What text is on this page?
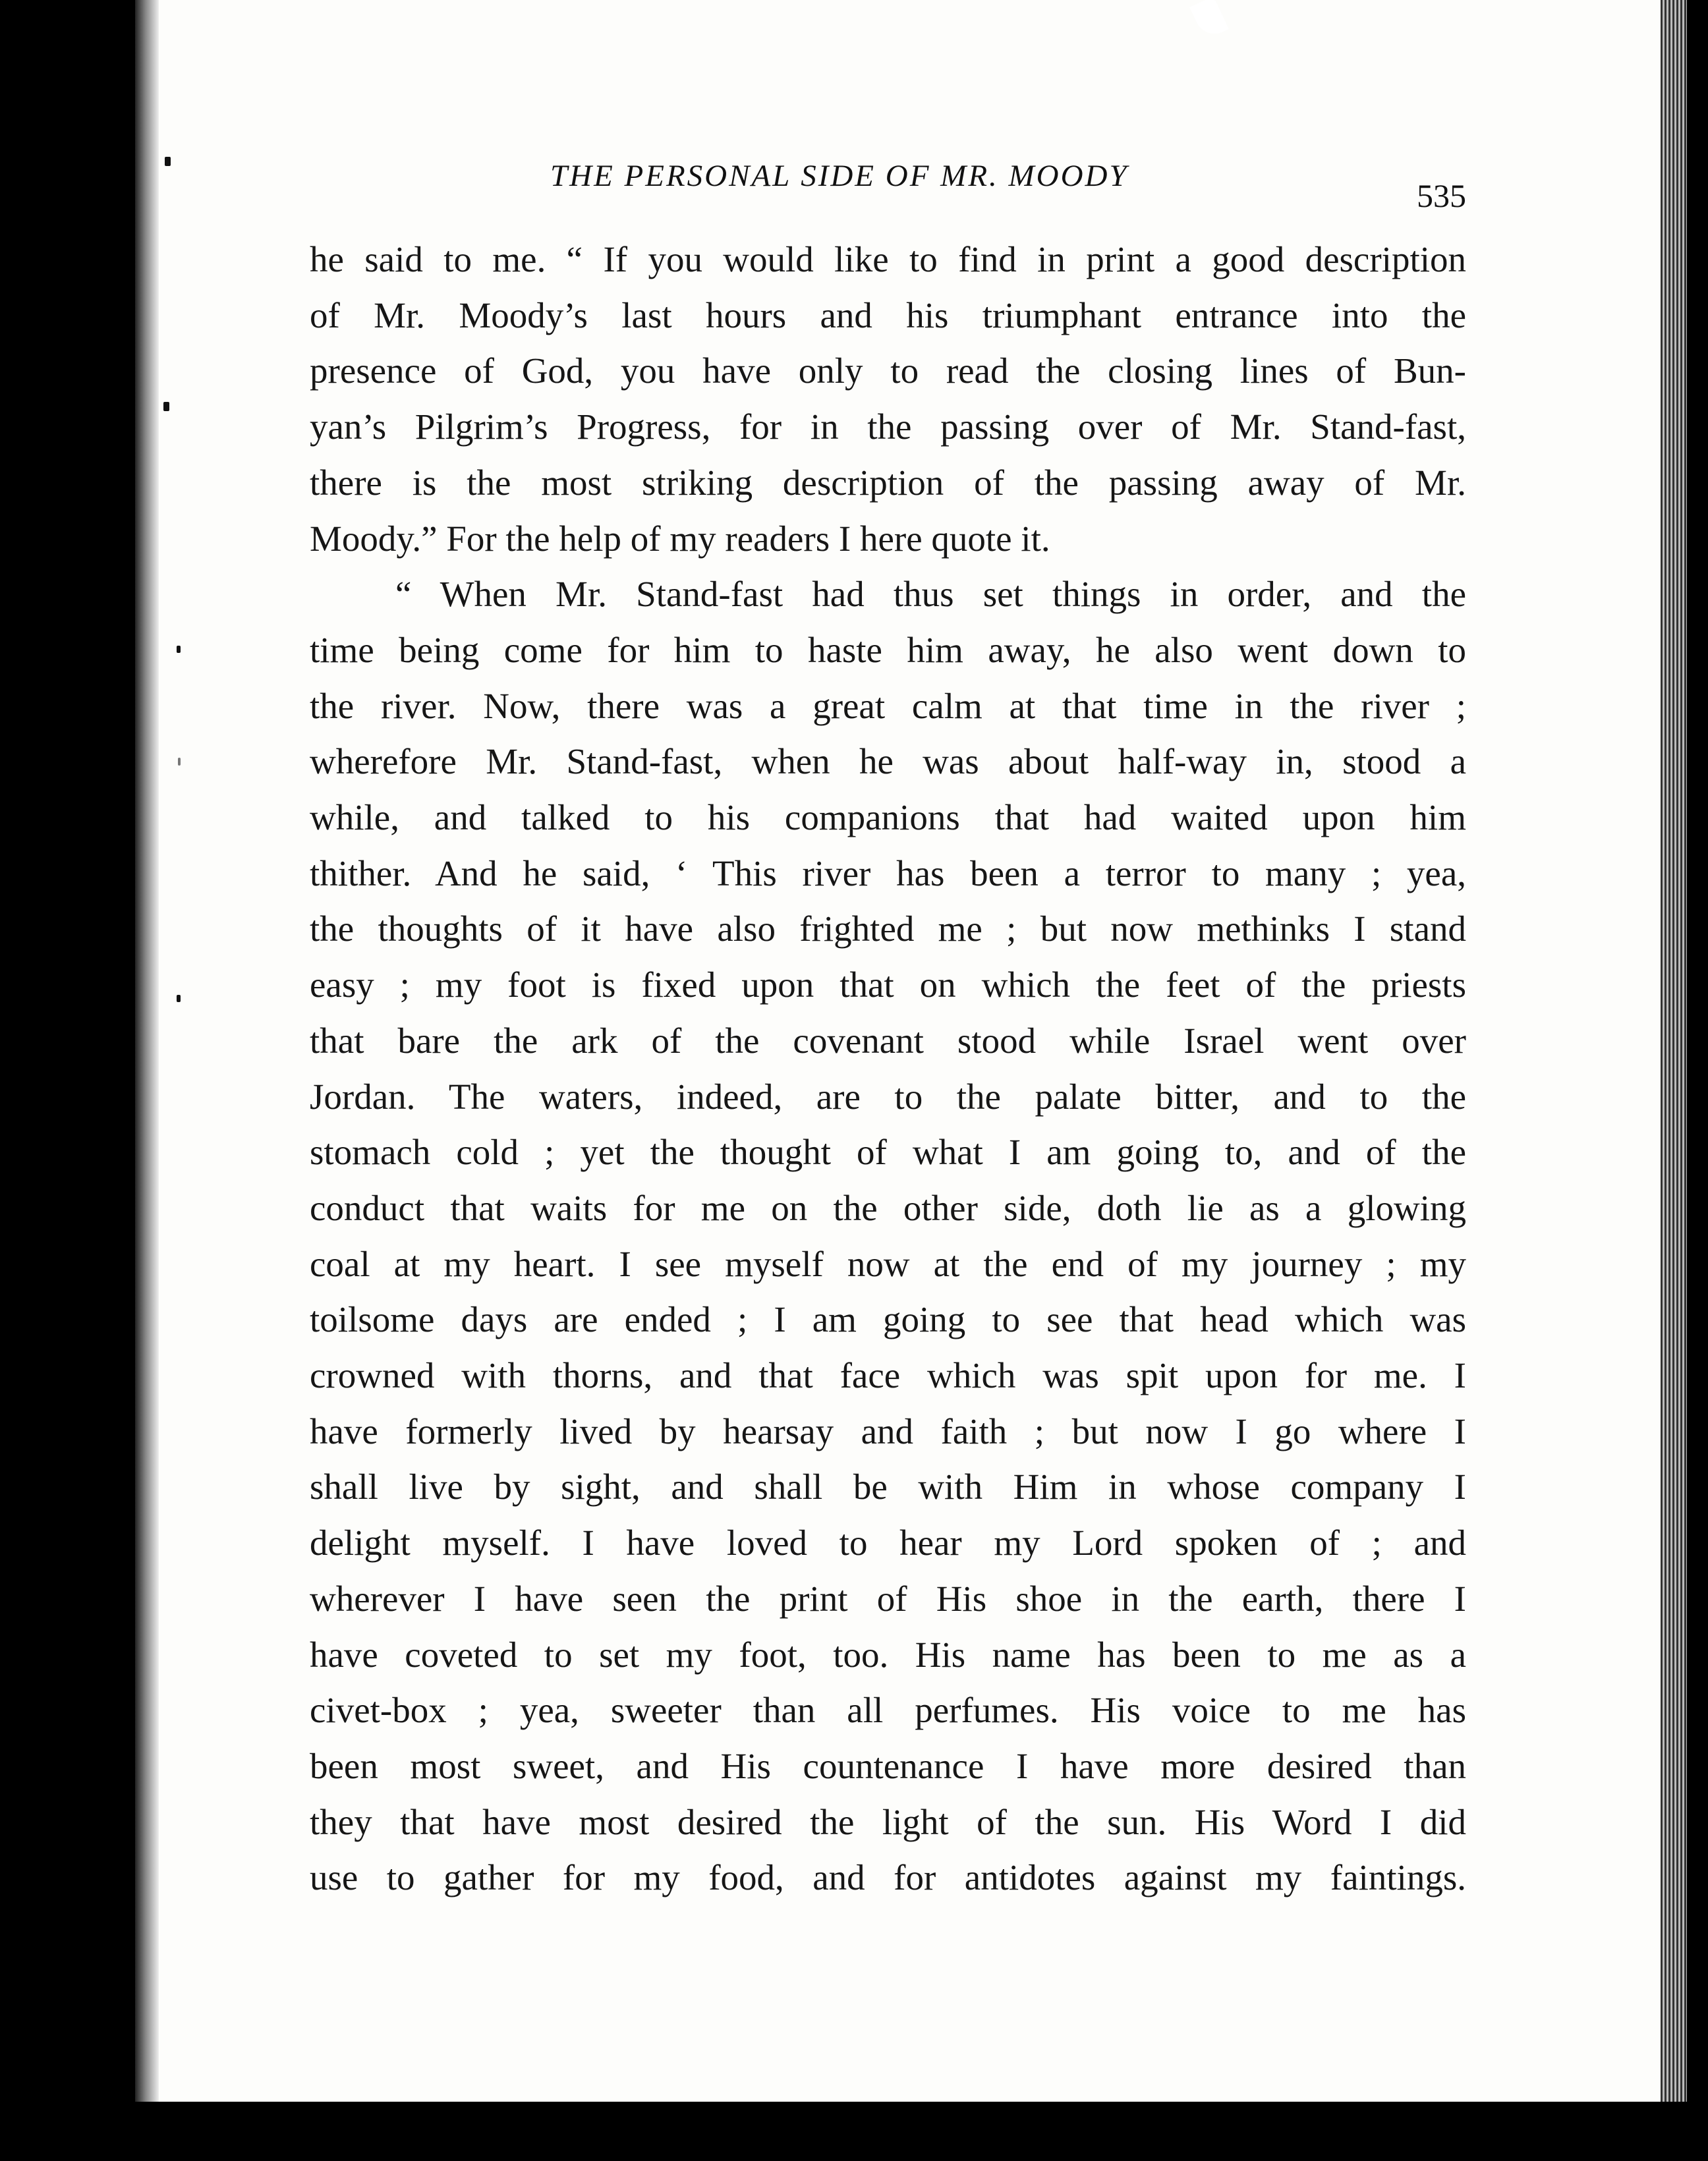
THE PERSONAL SIDE OF MR. MOODY
535
he said to me. “ If you would like to find in print a good description
of Mr. Moody’s last hours and his triumphant entrance into the
presence of God, you have only to read the closing lines of Bun-
yan’s Pilgrim’s Progress, for in the passing over of Mr. Stand-fast,
there is the most striking description of the passing away of Mr.
Moody.” For the help of my readers I here quote it.
“ When Mr. Stand-fast had thus set things in order, and the
time being come for him to haste him away, he also went down to
the river. Now, there was a great calm at that time in the river ;
wherefore Mr. Stand-fast, when he was about half-way in, stood a
while, and talked to his companions that had waited upon him
thither. And he said, ‘ This river has been a terror to many ; yea,
the thoughts of it have also frighted me ; but now methinks I stand
easy ; my foot is fixed upon that on which the feet of the priests
that bare the ark of the covenant stood while Israel went over
Jordan. The waters, indeed, are to the palate bitter, and to the
stomach cold ; yet the thought of what I am going to, and of the
conduct that waits for me on the other side, doth lie as a glowing
coal at my heart. I see myself now at the end of my journey ; my
toilsome days are ended ; I am going to see that head which was
crowned with thorns, and that face which was spit upon for me. I
have formerly lived by hearsay and faith ; but now I go where I
shall live by sight, and shall be with Him in whose company I
delight myself. I have loved to hear my Lord spoken of ; and
wherever I have seen the print of His shoe in the earth, there I
have coveted to set my foot, too. His name has been to me as a
civet-box ; yea, sweeter than all perfumes. His voice to me has
been most sweet, and His countenance I have more desired than
they that have most desired the light of the sun. His Word I did
use to gather for my food, and for antidotes against my faintings.
